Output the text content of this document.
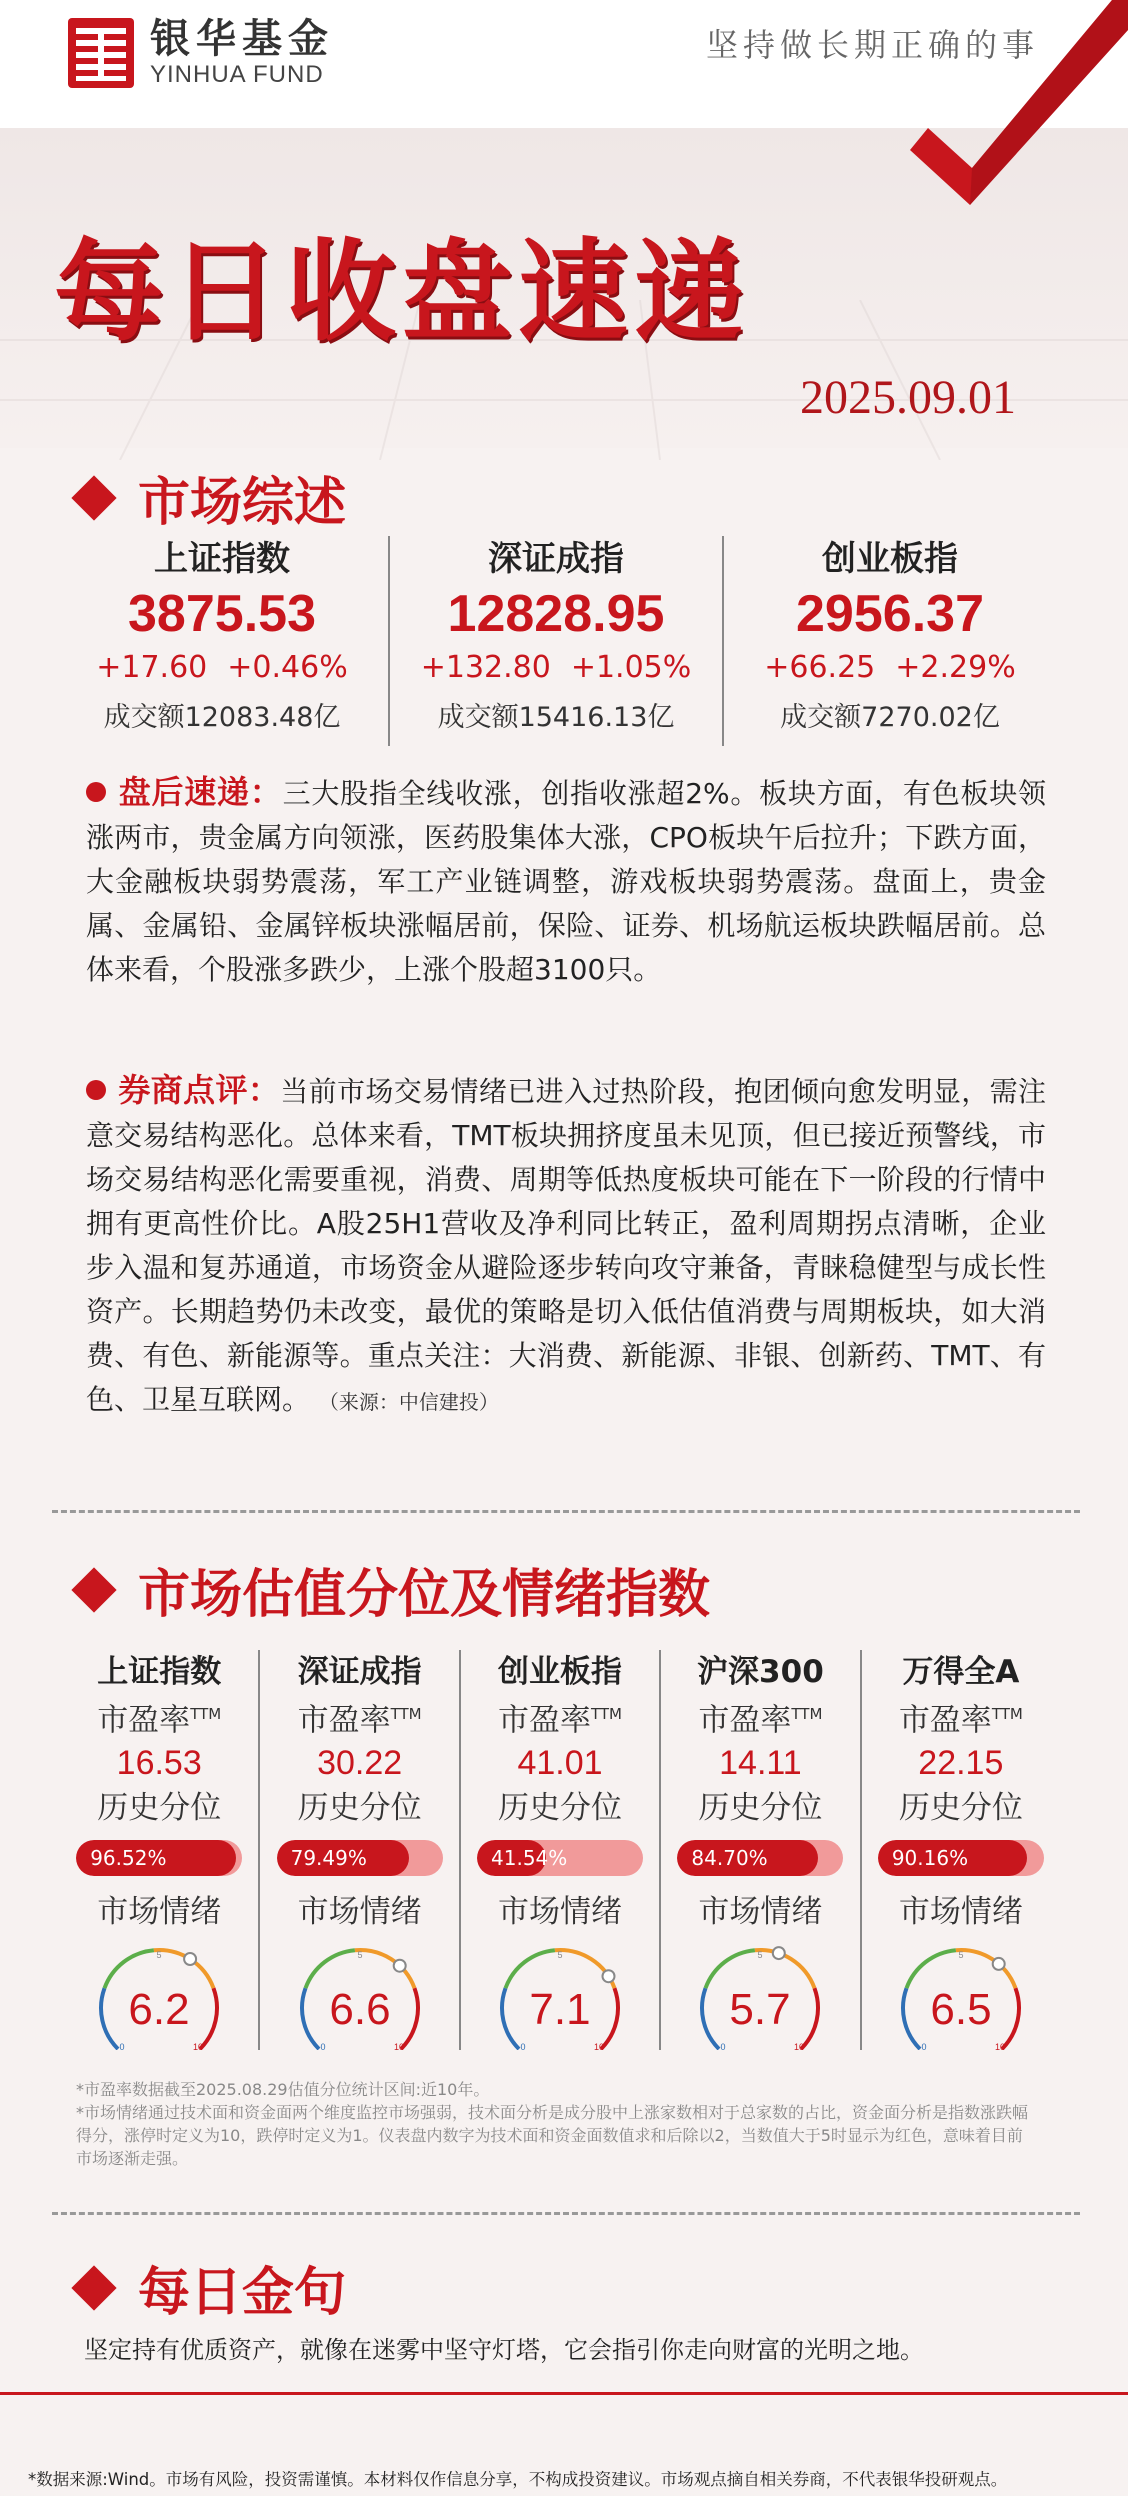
银华基金
YINHUA FUND
坚持做长期正确的事
每日收盘速递
2025.09.01
市场综述
上证指数
3875.53
+17.60 +0.46%
成交额12083.48亿
深证成指
12828.95
+132.80 +1.05%
成交额15416.13亿
创业板指
2956.37
+66.25 +2.29%
成交额7270.02亿
盘后速递：三大股指全线收涨，创指收涨超2%。板块方面，有色板块领涨两市，贵金属方向领涨，医药股集体大涨，CPO板块午后拉升；下跌方面，大金融板块弱势震荡，军工产业链调整，游戏板块弱势震荡。盘面上，贵金属、金属铅、金属锌板块涨幅居前，保险、证券、机场航运板块跌幅居前。总体来看，个股涨多跌少，上涨个股超3100只。
券商点评：当前市场交易情绪已进入过热阶段，抱团倾向愈发明显，需注意交易结构恶化。总体来看，TMT板块拥挤度虽未见顶，但已接近预警线，市场交易结构恶化需要重视，消费、周期等低热度板块可能在下一阶段的行情中拥有更高性价比。A股25H1营收及净利同比转正，盈利周期拐点清晰，企业步入温和复苏通道，市场资金从避险逐步转向攻守兼备，青睐稳健型与成长性资产。长期趋势仍未改变，最优的策略是切入低估值消费与周期板块，如大消费、有色、新能源等。重点关注：大消费、新能源、非银、创新药、TMT、有色、卫星互联网。 （来源：中信建投）
市场估值分位及情绪指数
上证指数
市盈率$^{TTM}$
16.53
历史分位
96.52%
市场情绪
0
5
10
6.2
深证成指
市盈率$^{TTM}$
30.22
历史分位
79.49%
市场情绪
0
5
10
6.6
创业板指
市盈率$^{TTM}$
41.01
历史分位
41.54%
市场情绪
0
5
10
7.1
沪深300
市盈率$^{TTM}$
14.11
历史分位
84.70%
市场情绪
0
5
10
5.7
万得全A
市盈率$^{TTM}$
22.15
历史分位
90.16%
市场情绪
0
5
10
6.5
*市盈率数据截至2025.08.29估值分位统计区间:近10年。
*市场情绪通过技术面和资金面两个维度监控市场强弱，技术面分析是成分股中上涨家数相对于总家数的占比，资金面分析是指数涨跌幅得分，涨停时定义为10，跌停时定义为1。仪表盘内数字为技术面和资金面数值求和后除以2，当数值大于5时显示为红色，意味着目前市场逐渐走强。
每日金句
坚定持有优质资产，就像在迷雾中坚守灯塔，它会指引你走向财富的光明之地。
*数据来源:Wind。市场有风险，投资需谨慎。本材料仅作信息分享，不构成投资建议。市场观点摘自相关券商，不代表银华投研观点。
